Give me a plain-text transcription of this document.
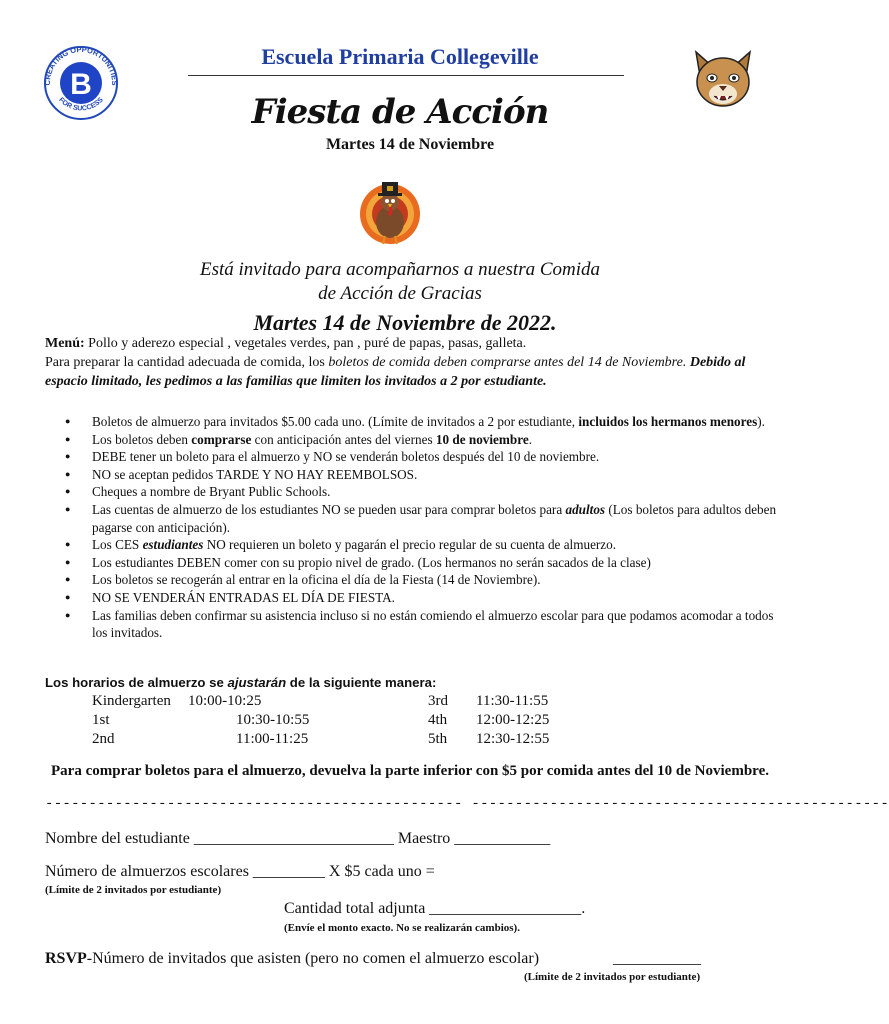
CREATING OPPORTUNITIES
FOR SUCCESS
B
Escuela Primaria Collegeville
Fiesta de Acción
Martes 14 de Noviembre
Está invitado para acompañarnos a nuestra Comida
de Acción de Gracias
Martes 14 de Noviembre de 2022.
Menú: Pollo y aderezo especial , vegetales verdes, pan , puré de papas, pasas, galleta.
Para preparar la cantidad adecuada de comida, los boletos de comida deben comprarse antes del 14 de Noviembre. Debido al espacio limitado, les pedimos a las familias que limiten los invitados a 2 por estudiante.
● Boletos de almuerzo para invitados $5.00 cada uno. (Límite de invitados a 2 por estudiante, incluidos los hermanos menores).
● Los boletos deben comprarse con anticipación antes del viernes 10 de noviembre.
● DEBE tener un boleto para el almuerzo y NO se venderán boletos después del 10 de noviembre.
● NO se aceptan pedidos TARDE Y NO HAY REEMBOLSOS.
● Cheques a nombre de Bryant Public Schools.
● Las cuentas de almuerzo de los estudiantes NO se pueden usar para comprar boletos para adultos (Los boletos para adultos deben pagarse con anticipación).
● Los CES estudiantes NO requieren un boleto y pagarán el precio regular de su cuenta de almuerzo.
● Los estudiantes DEBEN comer con su propio nivel de grado. (Los hermanos no serán sacados de la clase)
● Los boletos se recogerán al entrar en la oficina el día de la Fiesta (14 de Noviembre).
● NO SE VENDERÁN ENTRADAS EL DÍA DE FIESTA.
● Las familias deben confirmar su asistencia incluso si no están comiendo el almuerzo escolar para que podamos acomodar a todos los invitados.
Los horarios de almuerzo se ajustarán de la siguiente manera:
Kindergarten 10:00-10:25
1st	10:30-10:55
2nd	11:00-11:25
3rd 11:30-11:55
4th 12:00-12:25
5th 12:30-12:55
Para comprar boletos para el almuerzo, devuelva la parte inferior con $5 por comida antes del 10 de Noviembre.
------------------------------------------------ ------------------------------------------------
Nombre del estudiante _________________________ Maestro ____________
Número de almuerzos escolares _________ X $5 cada uno =
(Límite de 2 invitados por estudiante)
Cantidad total adjunta ___________________.
(Envíe el monto exacto. No se realizarán cambios).
RSVP-Número de invitados que asisten (pero no comen el almuerzo escolar)	___________
(Límite de 2 invitados por estudiante)
